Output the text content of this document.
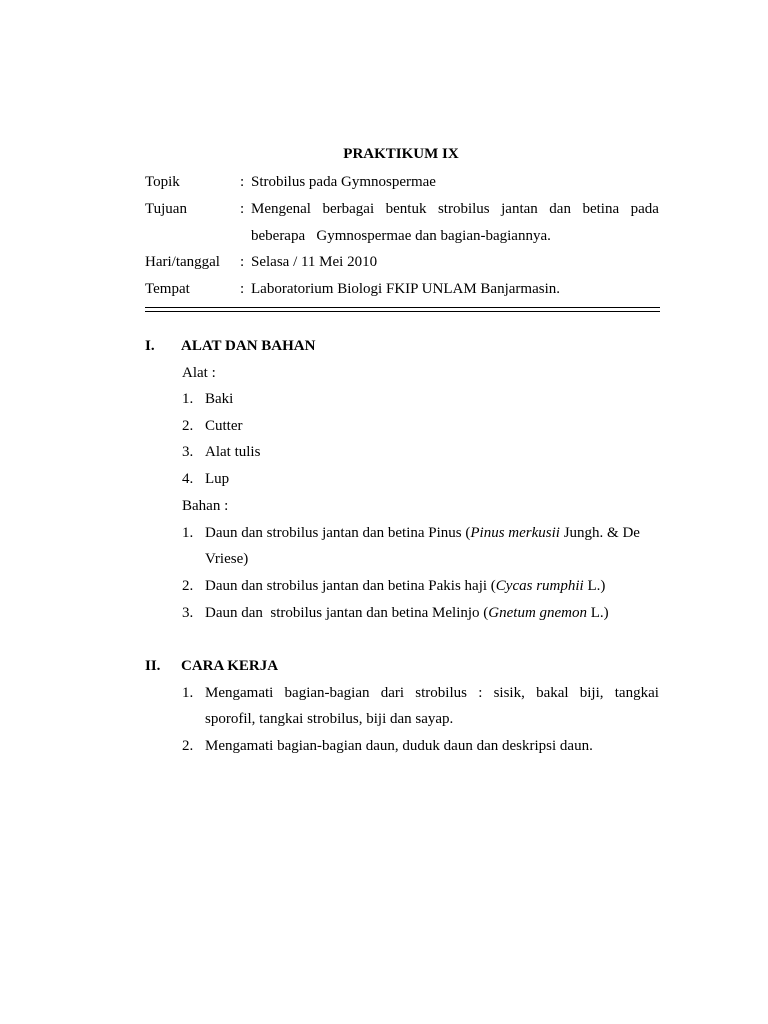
PRAKTIKUM IX
Topik	: Strobilus pada Gymnospermae
Tujuan	: Mengenal berbagai bentuk strobilus jantan dan betina pada
beberapa   Gymnospermae dan bagian-bagiannya.
Hari/tanggal : Selasa / 11 Mei 2010
Tempat	: Laboratorium Biologi FKIP UNLAM Banjarmasin.
I. ALAT DAN BAHAN
Alat :
1. Baki
2. Cutter
3. Alat tulis
4. Lup
Bahan :
1. Daun dan strobilus jantan dan betina Pinus (Pinus merkusii Jungh. & De
Vriese)
2. Daun dan strobilus jantan dan betina Pakis haji (Cycas rumphii L.)
3. Daun dan  strobilus jantan dan betina Melinjo (Gnetum gnemon L.)
II. CARA KERJA
1. Mengamati bagian-bagian dari strobilus : sisik, bakal biji, tangkai
sporofil, tangkai strobilus, biji dan sayap.
2. Mengamati bagian-bagian daun, duduk daun dan deskripsi daun.
